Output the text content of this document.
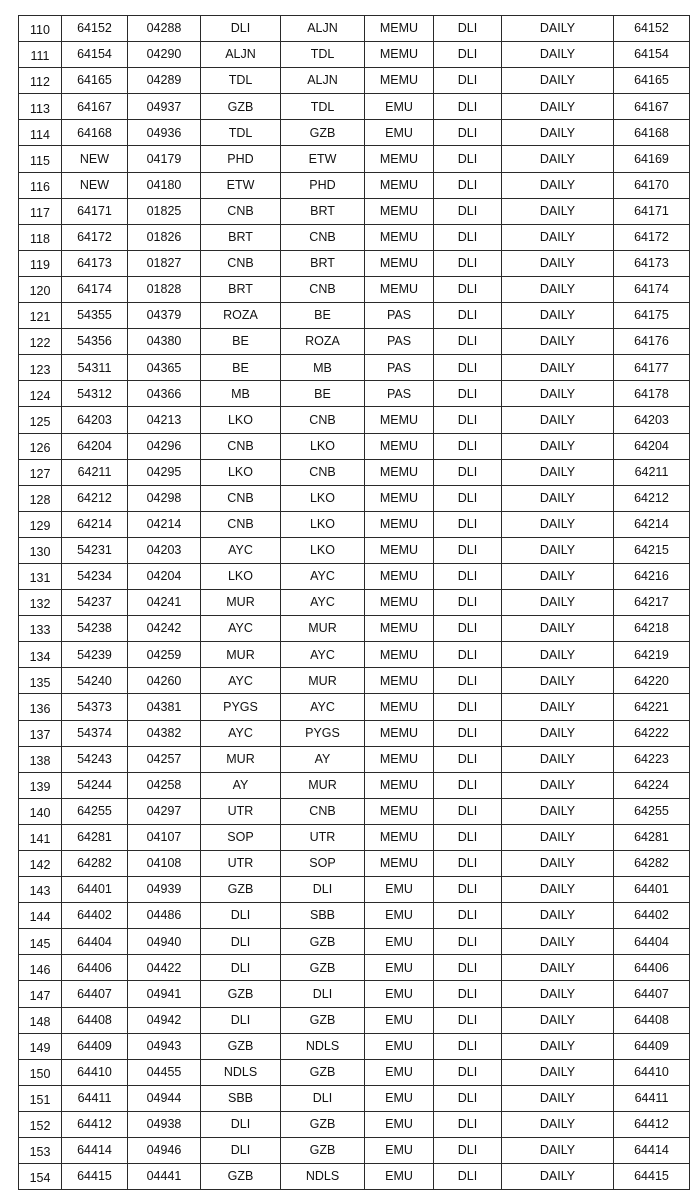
110	64152	04288	DLI	ALJN	MEMU	DLI	DAILY	64152
111	64154	04290	ALJN	TDL	MEMU	DLI	DAILY	64154
112	64165	04289	TDL	ALJN	MEMU	DLI	DAILY	64165
113	64167	04937	GZB	TDL	EMU	DLI	DAILY	64167
114	64168	04936	TDL	GZB	EMU	DLI	DAILY	64168
115	NEW	04179	PHD	ETW	MEMU	DLI	DAILY	64169
116	NEW	04180	ETW	PHD	MEMU	DLI	DAILY	64170
117	64171	01825	CNB	BRT	MEMU	DLI	DAILY	64171
118	64172	01826	BRT	CNB	MEMU	DLI	DAILY	64172
119	64173	01827	CNB	BRT	MEMU	DLI	DAILY	64173
120	64174	01828	BRT	CNB	MEMU	DLI	DAILY	64174
121	54355	04379	ROZA	BE	PAS	DLI	DAILY	64175
122	54356	04380	BE	ROZA	PAS	DLI	DAILY	64176
123	54311	04365	BE	MB	PAS	DLI	DAILY	64177
124	54312	04366	MB	BE	PAS	DLI	DAILY	64178
125	64203	04213	LKO	CNB	MEMU	DLI	DAILY	64203
126	64204	04296	CNB	LKO	MEMU	DLI	DAILY	64204
127	64211	04295	LKO	CNB	MEMU	DLI	DAILY	64211
128	64212	04298	CNB	LKO	MEMU	DLI	DAILY	64212
129	64214	04214	CNB	LKO	MEMU	DLI	DAILY	64214
130	54231	04203	AYC	LKO	MEMU	DLI	DAILY	64215
131	54234	04204	LKO	AYC	MEMU	DLI	DAILY	64216
132	54237	04241	MUR	AYC	MEMU	DLI	DAILY	64217
133	54238	04242	AYC	MUR	MEMU	DLI	DAILY	64218
134	54239	04259	MUR	AYC	MEMU	DLI	DAILY	64219
135	54240	04260	AYC	MUR	MEMU	DLI	DAILY	64220
136	54373	04381	PYGS	AYC	MEMU	DLI	DAILY	64221
137	54374	04382	AYC	PYGS	MEMU	DLI	DAILY	64222
138	54243	04257	MUR	AY	MEMU	DLI	DAILY	64223
139	54244	04258	AY	MUR	MEMU	DLI	DAILY	64224
140	64255	04297	UTR	CNB	MEMU	DLI	DAILY	64255
141	64281	04107	SOP	UTR	MEMU	DLI	DAILY	64281
142	64282	04108	UTR	SOP	MEMU	DLI	DAILY	64282
143	64401	04939	GZB	DLI	EMU	DLI	DAILY	64401
144	64402	04486	DLI	SBB	EMU	DLI	DAILY	64402
145	64404	04940	DLI	GZB	EMU	DLI	DAILY	64404
146	64406	04422	DLI	GZB	EMU	DLI	DAILY	64406
147	64407	04941	GZB	DLI	EMU	DLI	DAILY	64407
148	64408	04942	DLI	GZB	EMU	DLI	DAILY	64408
149	64409	04943	GZB	NDLS	EMU	DLI	DAILY	64409
150	64410	04455	NDLS	GZB	EMU	DLI	DAILY	64410
151	64411	04944	SBB	DLI	EMU	DLI	DAILY	64411
152	64412	04938	DLI	GZB	EMU	DLI	DAILY	64412
153	64414	04946	DLI	GZB	EMU	DLI	DAILY	64414
154	64415	04441	GZB	NDLS	EMU	DLI	DAILY	64415
